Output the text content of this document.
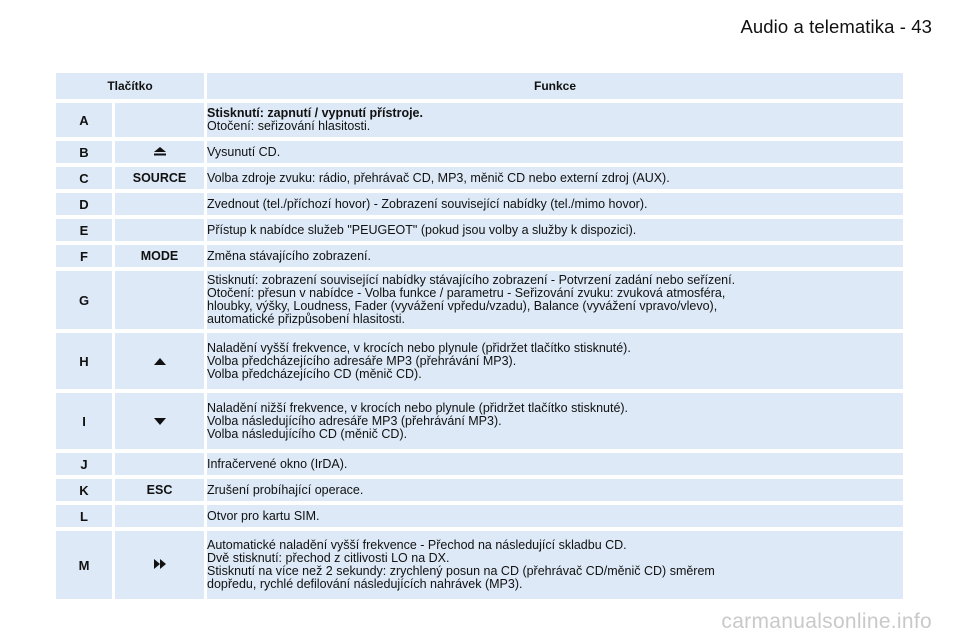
Audio a telematika - 43
Tlačítko		Funkce
A		Stisknutí: zapnutí / vypnutí přístroje.
Otočení: seřizování hlasitosti.

B		Vysunutí CD.

C	SOURCE	Volba zdroje zvuku: rádio, přehrávač CD, MP3, měnič CD nebo externí zdroj (AUX).

D		Zvednout (tel./příchozí hovor) - Zobrazení související nabídky (tel./mimo hovor).

E		Přístup k nabídce služeb "PEUGEOT" (pokud jsou volby a služby k dispozici).

F	MODE	Změna stávajícího zobrazení.

G		Stisknutí: zobrazení související nabídky stávajícího zobrazení - Potvrzení zadání nebo seřízení.
Otočení: přesun v nabídce - Volba funkce / parametru - Seřizování zvuku: zvuková atmosféra,
hloubky, výšky, Loudness, Fader (vyvážení vpředu/vzadu), Balance (vyvážení vpravo/vlevo),
automatické přizpůsobení hlasitosti.

H		Naladění vyšší frekvence, v krocích nebo plynule (přidržet tlačítko stisknuté).
Volba předcházejícího adresáře MP3 (přehrávání MP3).
Volba předcházejícího CD (měnič CD).

I		Naladění nižší frekvence, v krocích nebo plynule (přidržet tlačítko stisknuté).
Volba následujícího adresáře MP3 (přehrávání MP3).
Volba následujícího CD (měnič CD).

J		Infračervené okno (IrDA).

K	ESC	Zrušení probíhající operace.

L		Otvor pro kartu SIM.

M		Automatické naladění vyšší frekvence - Přechod na následující skladbu CD.
Dvě stisknutí: přechod z citlivosti LO na DX.
Stisknutí na více než 2 sekundy: zrychlený posun na CD (přehrávač CD/měnič CD) směrem
dopředu, rychlé defilování následujících nahrávek (MP3).
carmanualsonline.info
